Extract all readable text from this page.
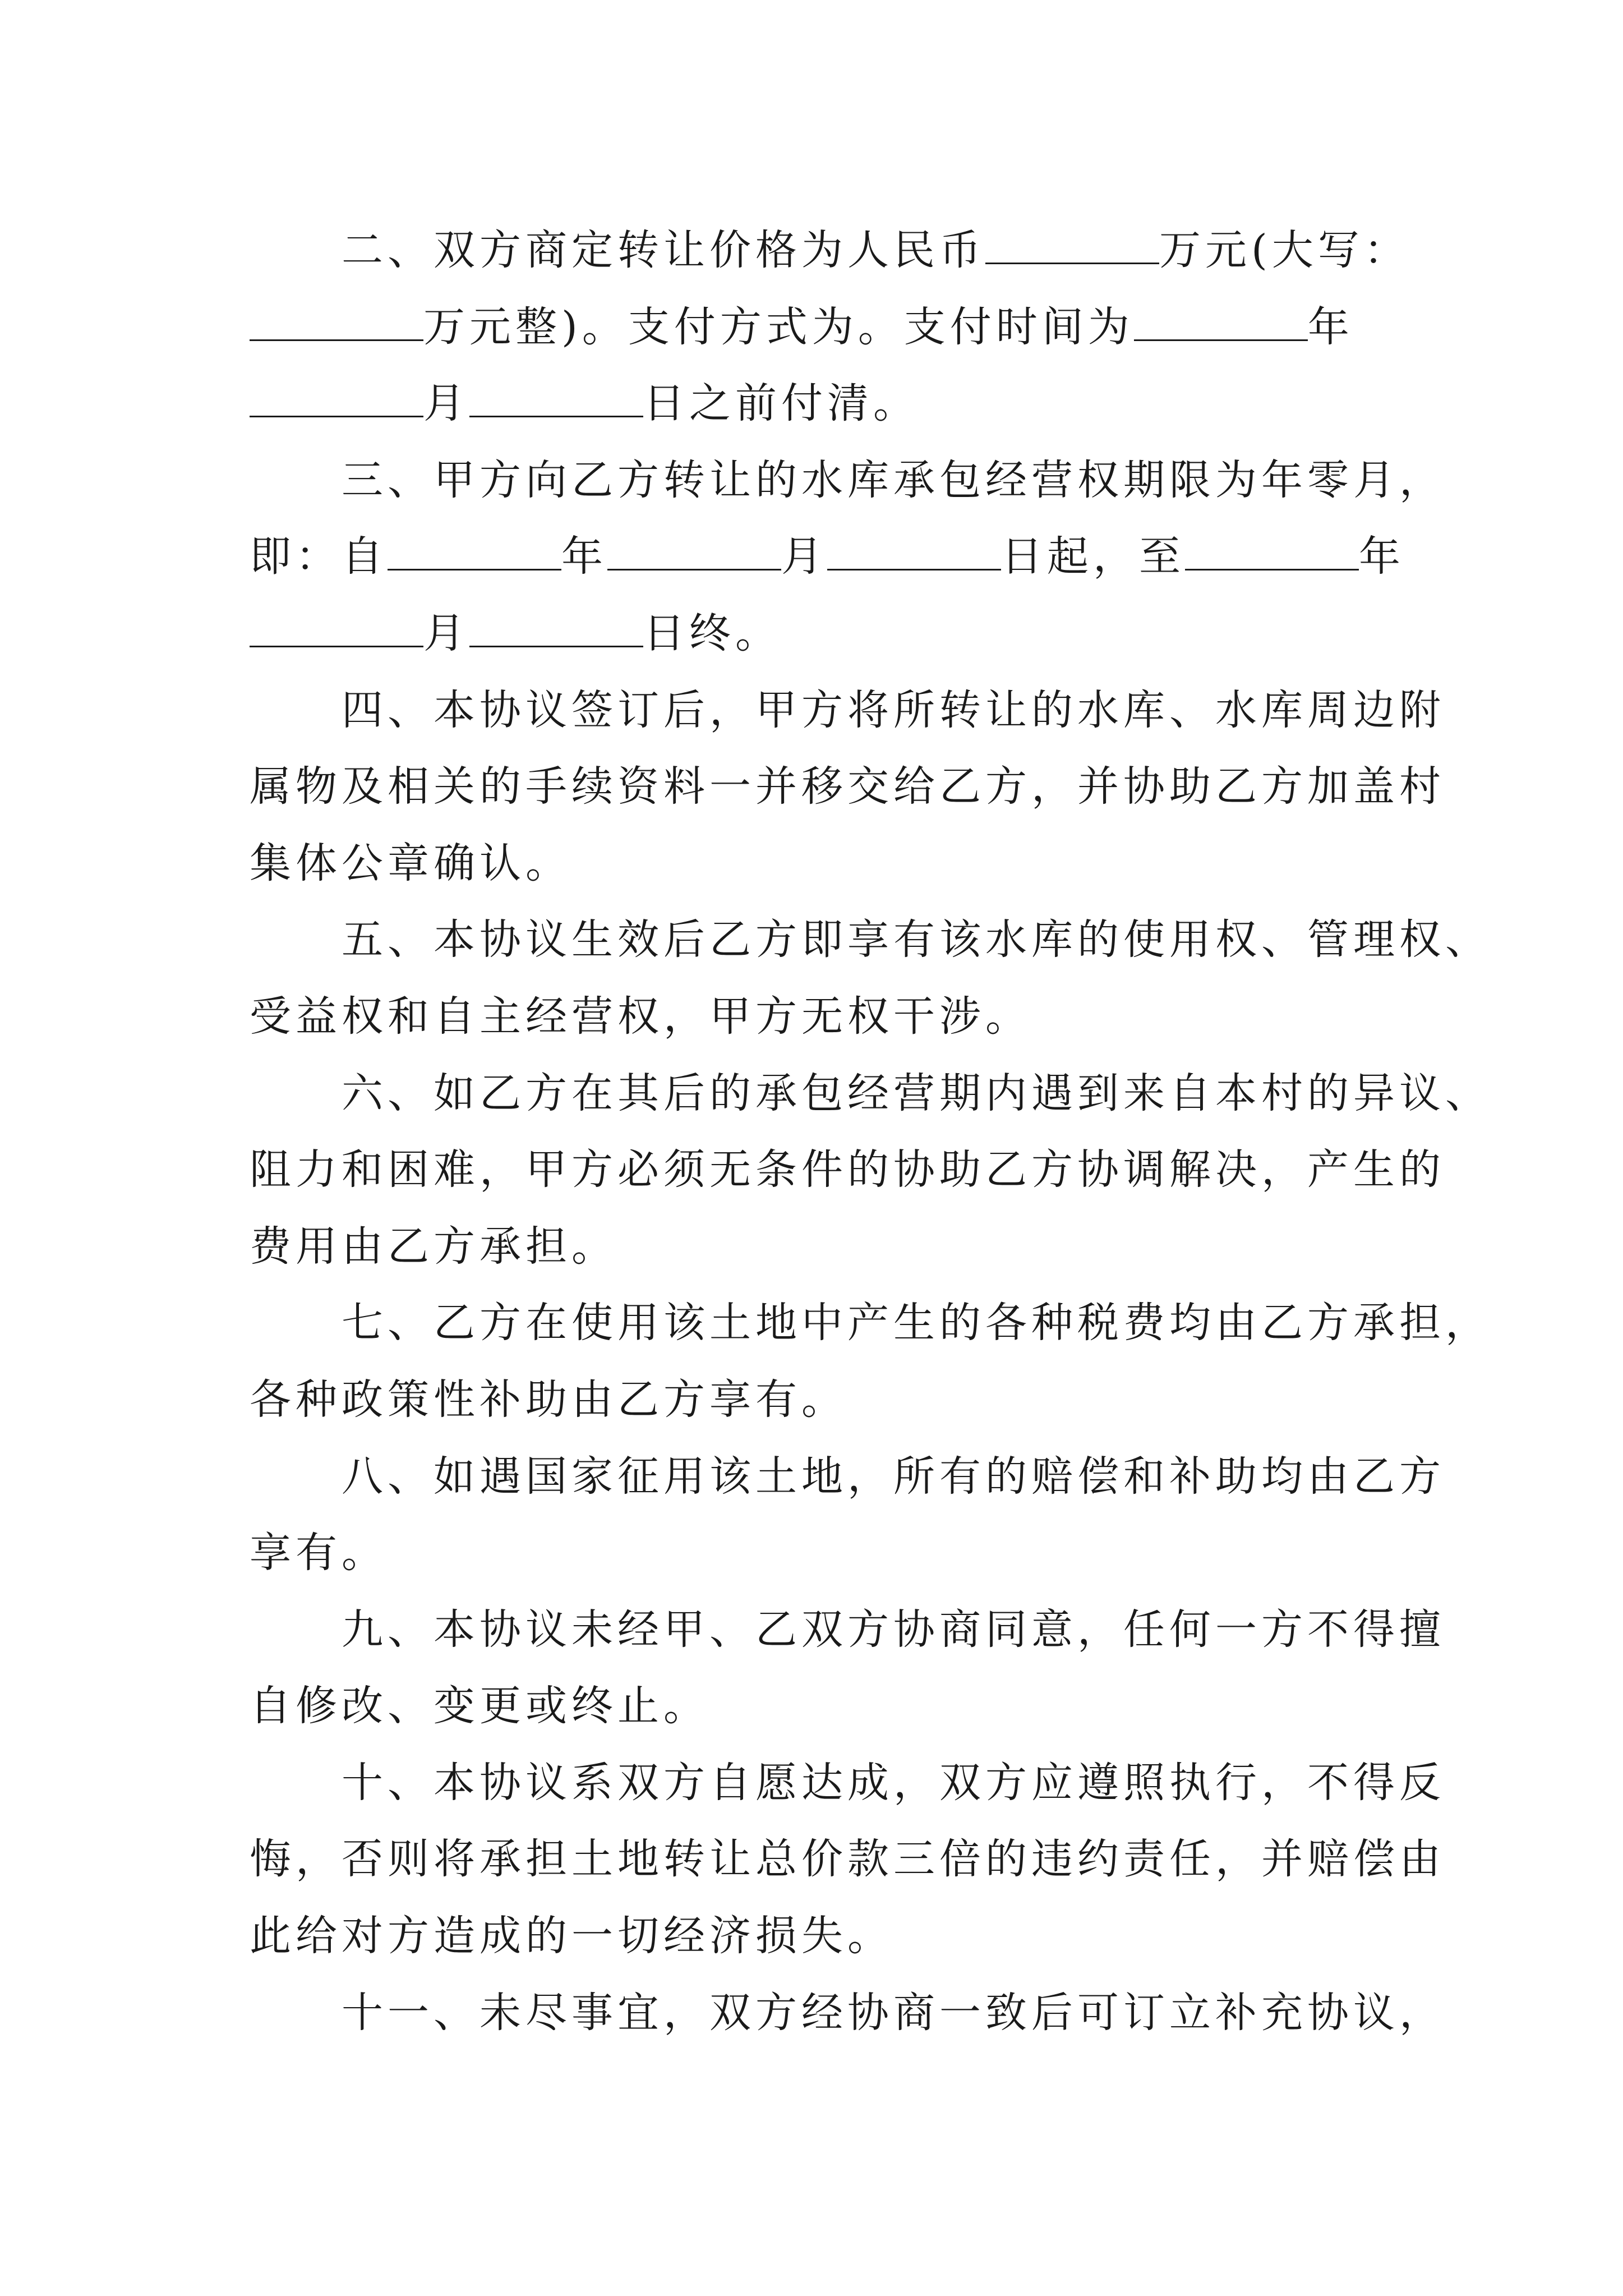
二、双方商定转让价格为人民币	万元(大写：
万元整)。支付方式为。支付时间为	年
月	日之前付清。
三、甲方向乙方转让的水库承包经营权期限为年零月，
即：自	年	月	日起，至	年
月	日终。
四、本协议签订后，甲方将所转让的水库、水库周边附
属物及相关的手续资料一并移交给乙方，并协助乙方加盖村
集体公章确认。
五、本协议生效后乙方即享有该水库的使用权、管理权、
受益权和自主经营权，甲方无权干涉。
六、如乙方在其后的承包经营期内遇到来自本村的异议、
阻力和困难，甲方必须无条件的协助乙方协调解决，产生的
费用由乙方承担。
七、乙方在使用该土地中产生的各种税费均由乙方承担，
各种政策性补助由乙方享有。
八、如遇国家征用该土地，所有的赔偿和补助均由乙方
享有。
九、本协议未经甲、乙双方协商同意，任何一方不得擅
自修改、变更或终止。
十、本协议系双方自愿达成，双方应遵照执行，不得反
悔，否则将承担土地转让总价款三倍的违约责任，并赔偿由
此给对方造成的一切经济损失。
十一、未尽事宜，双方经协商一致后可订立补充协议，
